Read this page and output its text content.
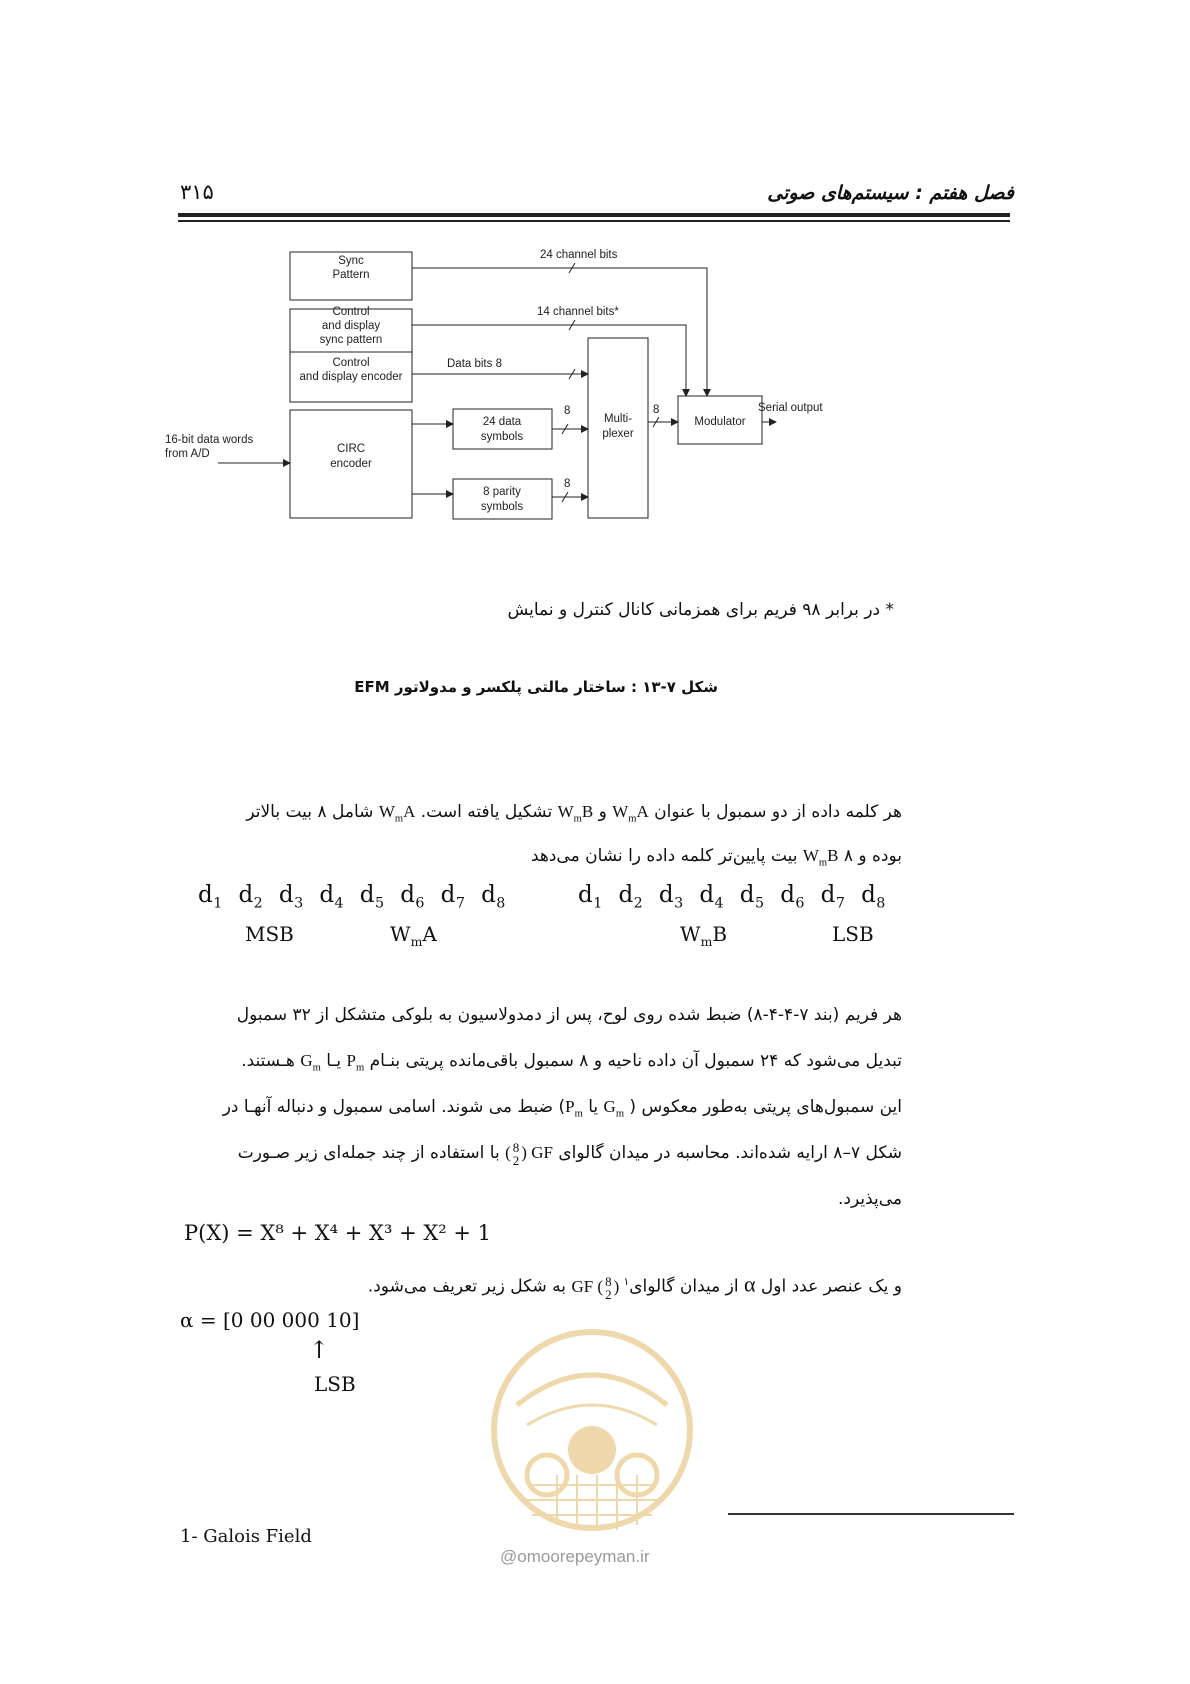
فصل هفتم : سیستم‌های صوتی
۳۱۵
Sync
Pattern
Control
and display
sync pattern
Control
and display encoder
CIRC
encoder
24 data
symbols
8 parity
symbols
Multi-
plexer
Modulator
24 channel bits
14 channel bits*
Data bits 8
16-bit data words
from A/D
Serial output
8
8
8
* در برابر ۹۸ فریم برای همزمانی کانال کنترل و نمایش
شکل ۷-۱۳ : ساختار مالتی پلکسر و مدولاتور EFM
هر کلمه داده از دو سمبول با عنوان $W_mA$ و $W_mB$ تشکیل یافته است. $W_mA$ شامل ۸ بیت بالاتر
بوده و $W_mB$ ۸ بیت پایین‌تر کلمه داده را نشان می‌دهد
$d_1$ $d_2$ $d_3$ $d_4$ $d_5$ $d_6$ $d_7$ $d_8$	$d_1$ $d_2$ $d_3$ $d_4$ $d_5$ $d_6$ $d_7$ $d_8$
MSB	$W_mA$	$W_mB$	LSB
هر فریم (بند ۷-۴-۴-۸) ضبط شده روی لوح، پس از دمدولاسیون به بلوکی متشکل از ۳۲ سمبول
تبدیل می‌شود که ۲۴ سمبول آن داده ناحیه و ۸ سمبول باقی‌مانده پریتی بنـام $P_m$ یـا $G_m$ هـستند.
این سمبول‌های پریتی به‌طور معکوس ( $G_m$ یا $P_m$) ضبط می شوند. اسامی سمبول و دنباله آنهـا در
شکل ۷–۸ ارایه شده‌اند. محاسبه در میدان گالوای GF (8
2) با استفاده از چند جمله‌ای زیر صـورت
می‌پذیرد.
P(X) = X⁸ + X⁴ + X³ + X² + 1
و یک عنصر عدد اول α از میدان گالوای$^۱$ (8
2) GF به شکل زیر تعریف می‌شود.
α = [0 00 000 10]
↑
LSB
@omoorepeyman.ir
1- Galois Field
